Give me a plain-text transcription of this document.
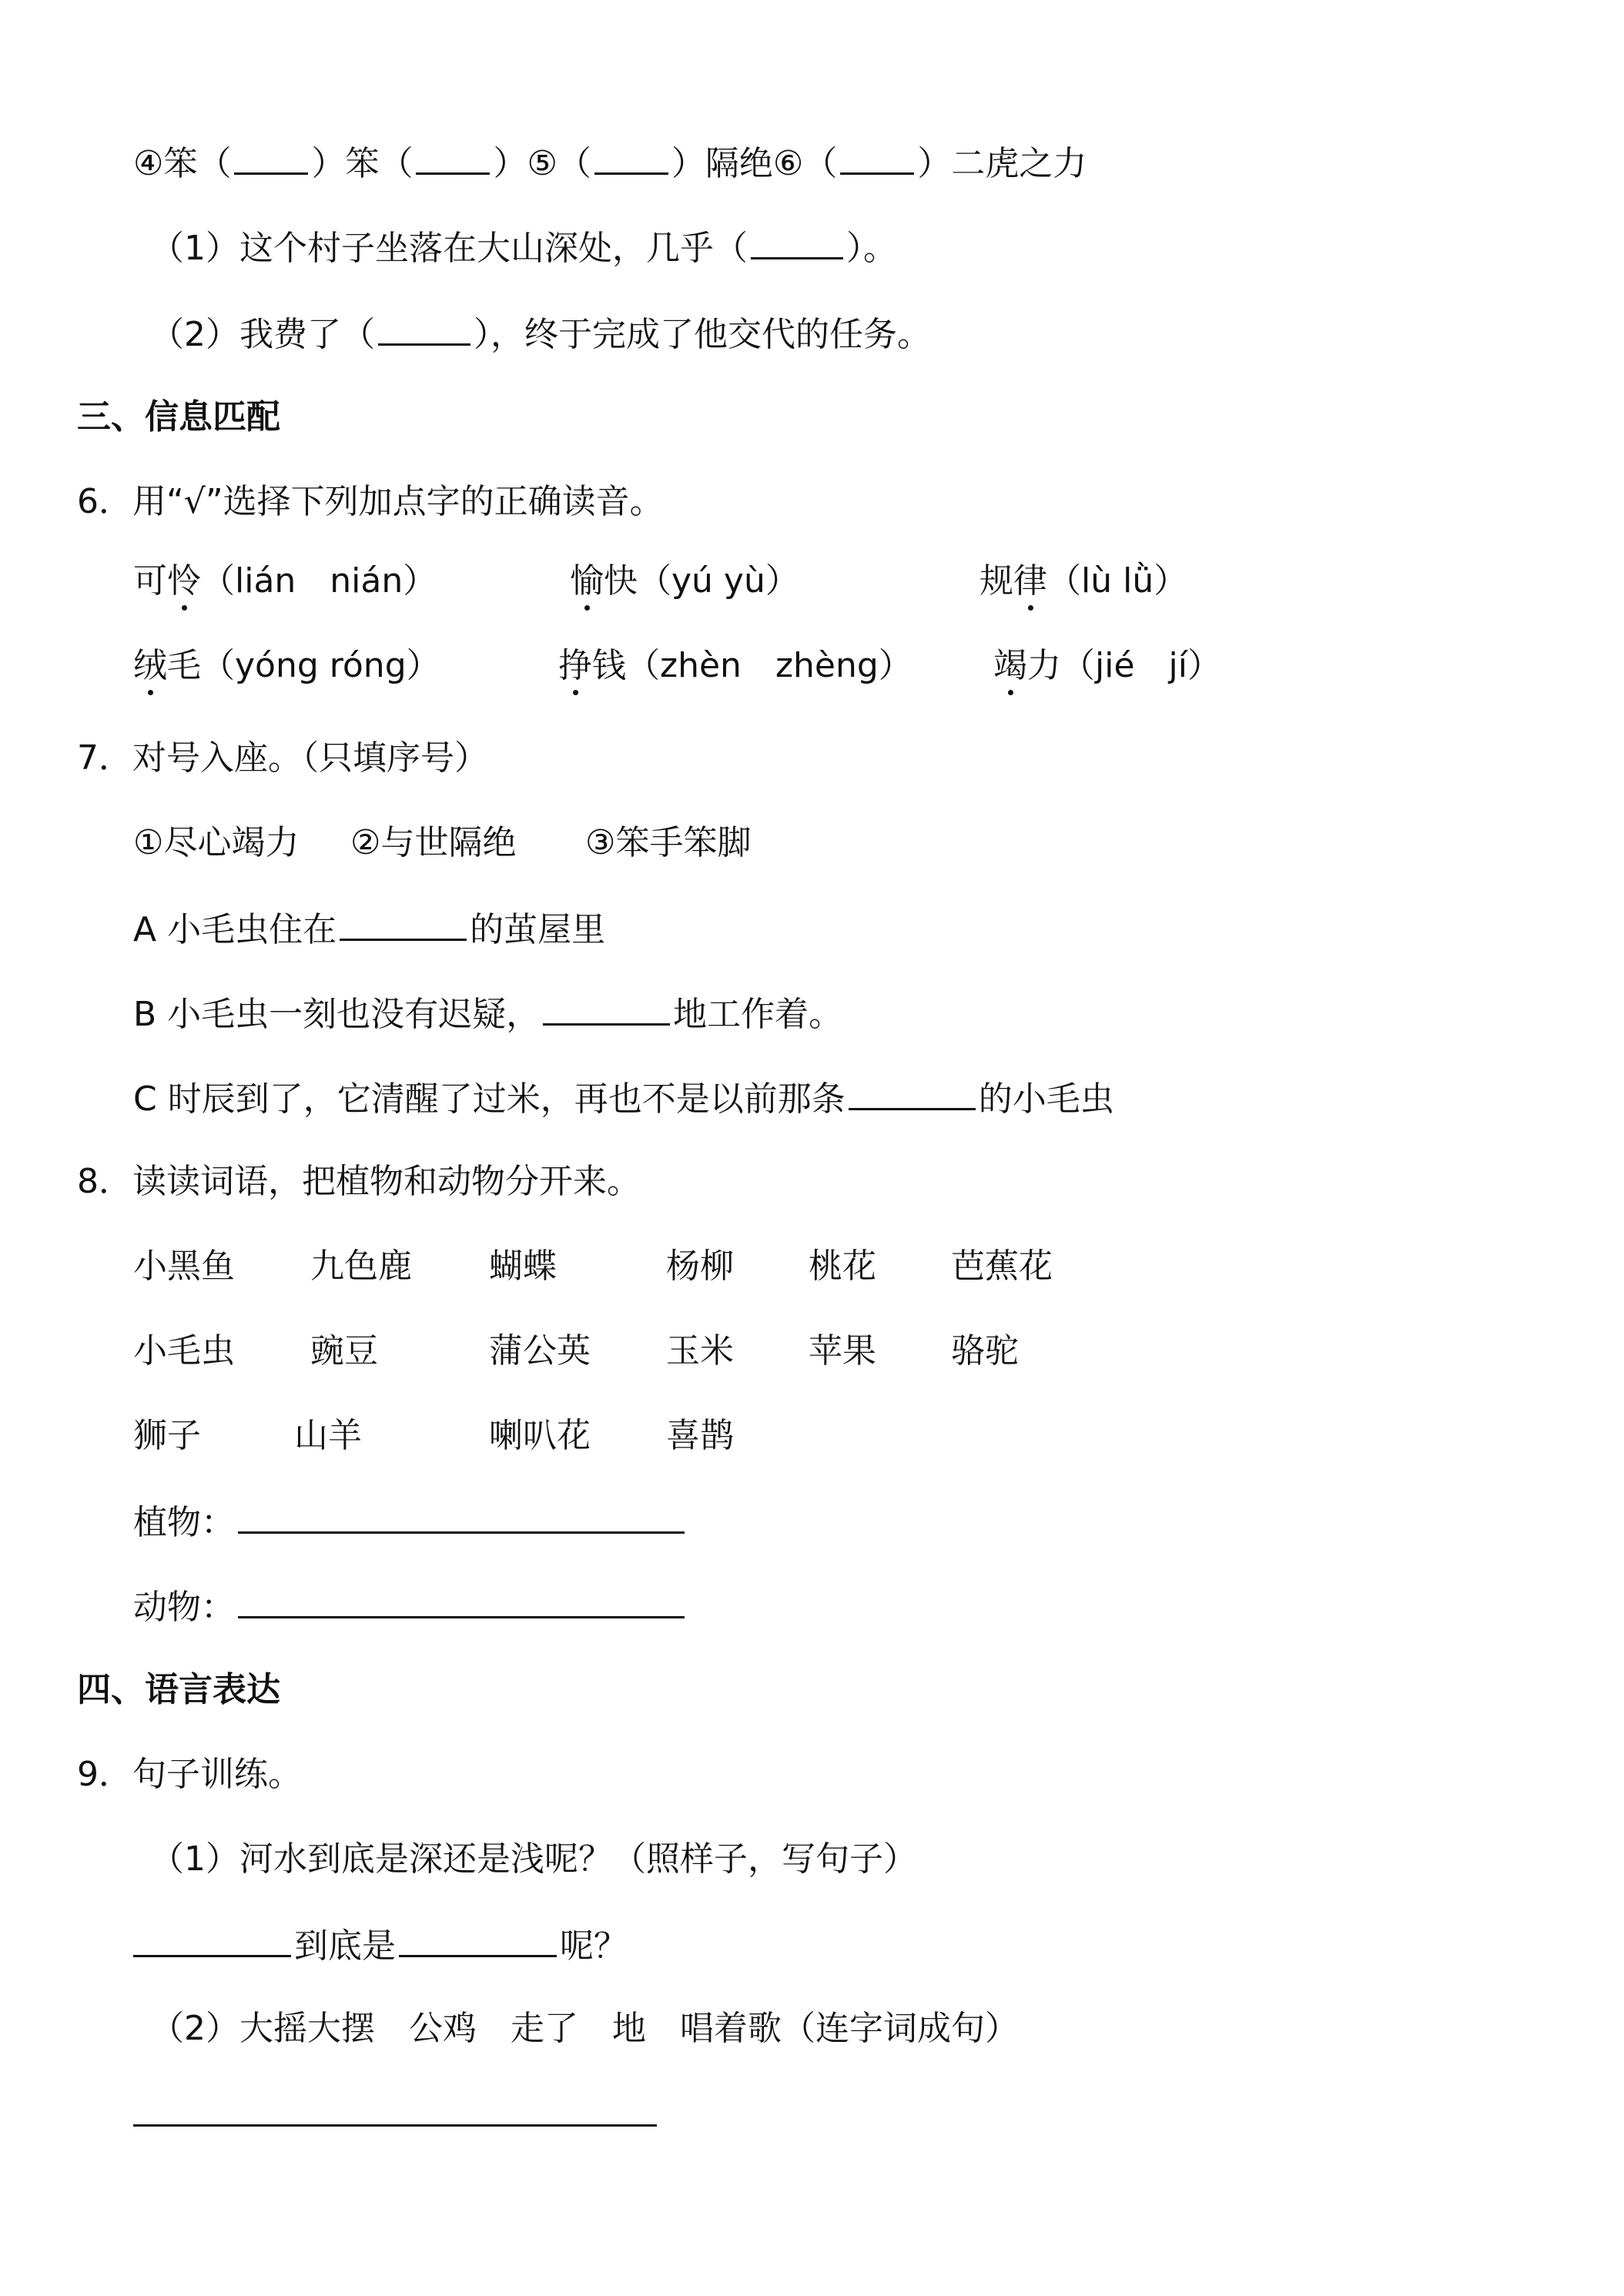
④笨（ ）笨（ ）⑤（ ）隔绝⑥（ ）二虎之力
（1）这个村子坐落在大山深处，几乎（	）。
（2）我费了（	），终于完成了他交代的任务。
三、信息匹配
6．用“√”选择下列加点字的正确读音。
可怜（lián　nián）	愉快（yú yù）	规律（lù lǜ）
绒毛（yóng róng）	挣钱（zhèn　zhèng） 竭力（jié　jí）
7．对号入座。（只填序号）
①尽心竭力 ②与世隔绝 ③笨手笨脚
A 小毛虫住在	的茧屋里
B 小毛虫一刻也没有迟疑，	地工作着。
C 时辰到了，它清醒了过米，再也不是以前那条	的小毛虫
8．读读词语，把植物和动物分开来。
小黑鱼 九色鹿 蝴蝶	杨柳 桃花 芭蕉花
小毛虫 豌豆	蒲公英 玉米 苹果 骆驼
狮子	山羊	喇叭花 喜鹊
植物：
动物：
四、语言表达
9．句子训练。
（1）河水到底是深还是浅呢？（照样子，写句子）
到底是	呢？
（2）大摇大摆　公鸡　走了　地　唱着歌（连字词成句）
